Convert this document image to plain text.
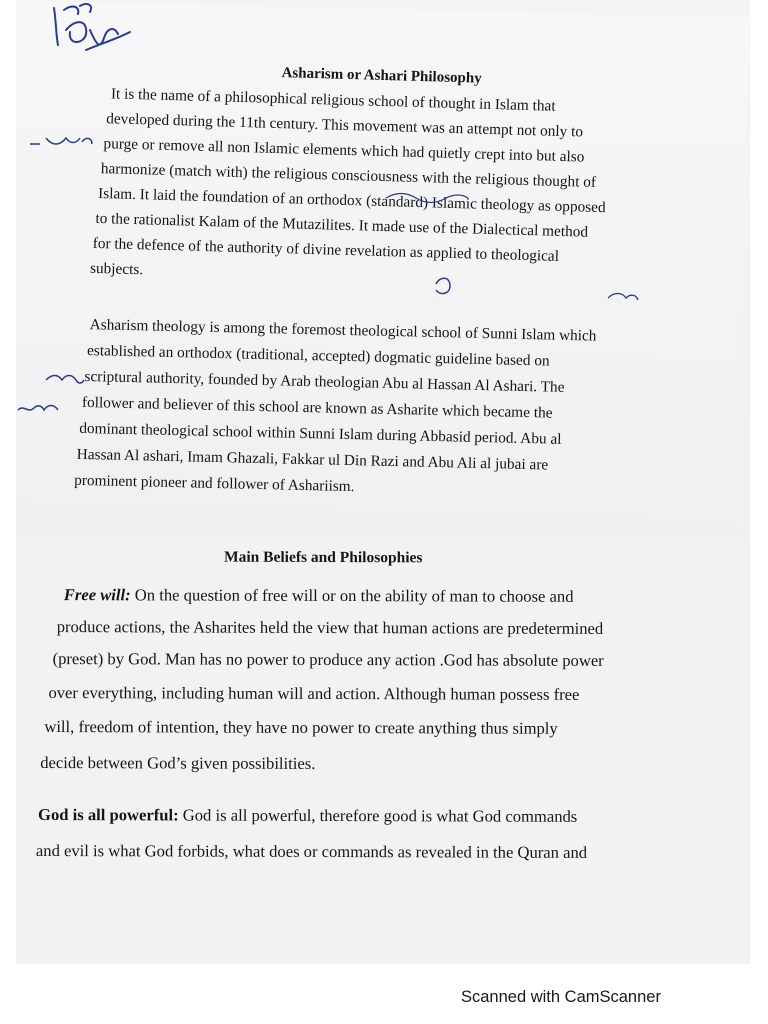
Asharism or Ashari Philosophy
It is the name of a philosophical religious school of thought in Islam that
developed during the 11th century. This movement was an attempt not only to
purge or remove all non Islamic elements which had quietly crept into but also
harmonize (match with) the religious consciousness with the religious thought of
Islam. It laid the foundation of an orthodox (standard) Islamic theology as opposed
to the rationalist Kalam of the Mutazilites. It made use of the Dialectical method
for the defence of the authority of divine revelation as applied to theological
subjects.
Asharism theology is among the foremost theological school of Sunni Islam which
established an orthodox (traditional, accepted) dogmatic guideline based on
scriptural authority, founded by Arab theologian Abu al Hassan Al Ashari. The
follower and believer of this school are known as Asharite which became the
dominant theological school within Sunni Islam during Abbasid period. Abu al
Hassan Al ashari, Imam Ghazali, Fakkar ul Din Razi and Abu Ali al jubai are
prominent pioneer and follower of Ashariism.
Main Beliefs and Philosophies
Free will: On the question of free will or on the ability of man to choose and
produce actions, the Asharites held the view that human actions are predetermined
(preset) by God. Man has no power to produce any action .God has absolute power
over everything, including human will and action. Although human possess free
will, freedom of intention, they have no power to create anything thus simply
decide between God’s given possibilities.
God is all powerful: God is all powerful, therefore good is what God commands
and evil is what God forbids, what does or commands as revealed in the Quran and
Scanned with CamScanner
